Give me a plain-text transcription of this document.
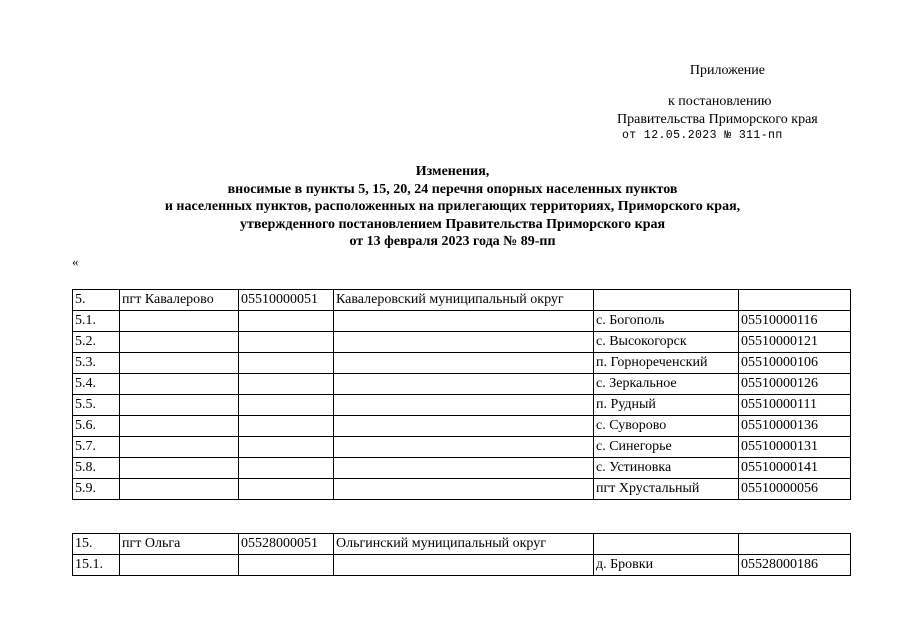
Приложение
к постановлению
Правительства Приморского края
от 12.05.2023 № 311-пп
Изменения,
вносимые в пункты 5, 15, 20, 24 перечня опорных населенных пунктов
и населенных пунктов, расположенных на прилегающих территориях, Приморского края,
утвержденного постановлением Правительства Приморского края
от 13 февраля 2023 года № 89-пп
«
5.	пгт Кавалерово	05510000051	Кавалеровский муниципальный округ		
5.1.				с. Богополь	05510000116
5.2.				с. Высокогорск	05510000121
5.3.				п. Горнореченский	05510000106
5.4.				с. Зеркальное	05510000126
5.5.				п. Рудный	05510000111
5.6.				с. Суворово	05510000136
5.7.				с. Синегорье	05510000131
5.8.				с. Устиновка	05510000141
5.9.				пгт Хрустальный	05510000056
15.	пгт Ольга	05528000051	Ольгинский муниципальный округ		
15.1.				д. Бровки	05528000186
